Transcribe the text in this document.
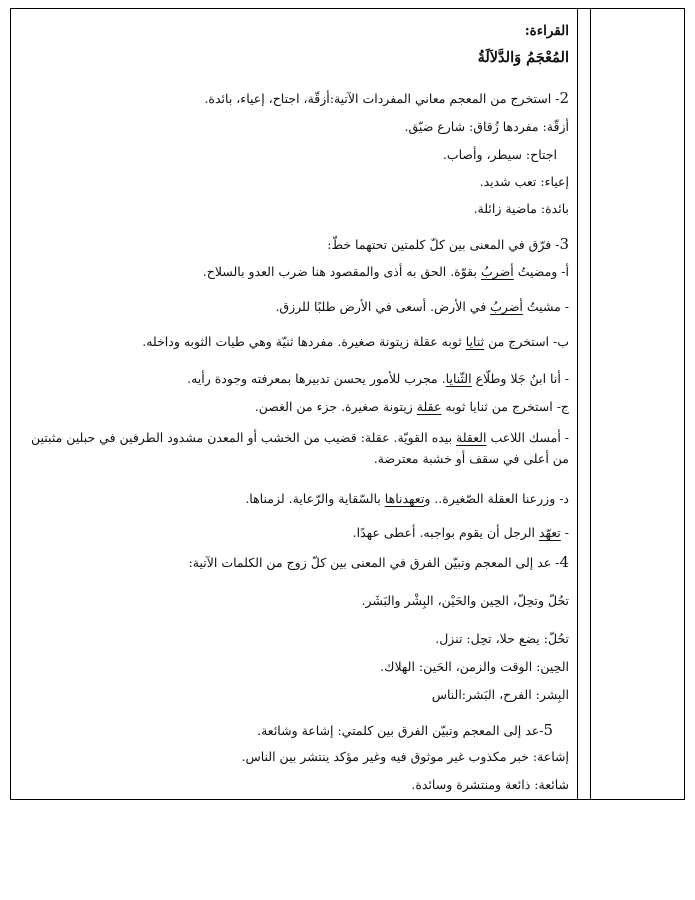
القراءة:
المُعْجَمُ وَالدَّلاَلَةُ
2- استخرج من المعجم معاني المفردات الآتية:أزقّة، اجتاح، إعياء، بائدة.
أزقّة: مفردها زُقاق: شارع ضيّق.
اجتاح: سيطر، وأصاب.
إعياء: تعب شديد.
بائدة: ماضية زائلة.
3- فرّق في المعنى بين كلّ كلمتين تحتهما خطّ:
أ- ومضيتُ أضربُ بقوّة. الحق به أذى والمقصود هنا ضرب العدو بالسلاح.
- مشيتُ أضربُ في الأرض. أسعى في الأرض طلبًا للرزق.
ب- استخرج من ثنايا ثوبه عقلة زيتونة صغيرة. مفردها ثنيّة وهي طيات الثوبه وداخله.
- أنا ابنُ جَلا وطلّاع الثّنايا. مجرب للأمور يحسن تدبيرها بمعرفته وجودة رأيه.
ج- استخرج من ثنايا ثوبه عقلة زيتونة صغيرة. جزء من الغصن.
- أمسك اللاعب العقلة بيده القويّة. عقلة: قضيب من الخشب أو المعدن مشدود الطرفين في حبلين مثبتين من أعلى في سقف أو خشبة معترضة.
د- وزرعنا العقلة الصّغيرة.. وتعهدناها بالسّقاية والرّعاية. لزمناها.
- تعهّد الرجل أن يقوم بواجبه. أعطى عهدًا.
4- عد إلى المعجم وتبيّن الفرق في المعنى بين كلّ زوج من الكلمات الآتية:
تحُلّ وتحِلّ، الحِين والحَيْن، البِشْر والبَشَر.
تحُلّ: يضع حلا، تحِل: تنزل.
الحِين: الوقت والزمن، الحَين: الهلاك.
البِشر: الفرح، البَشر:الناس
5-عد إلى المعجم وتبيّن الفرق بين كلمتي: إشاعة وشائعة.
إشاعة: خبر مكذوب غير موثوق فيه وغير مؤكد ينتشر بين الناس.
شائعة: ذائعة ومنتشرة وسائدة.
